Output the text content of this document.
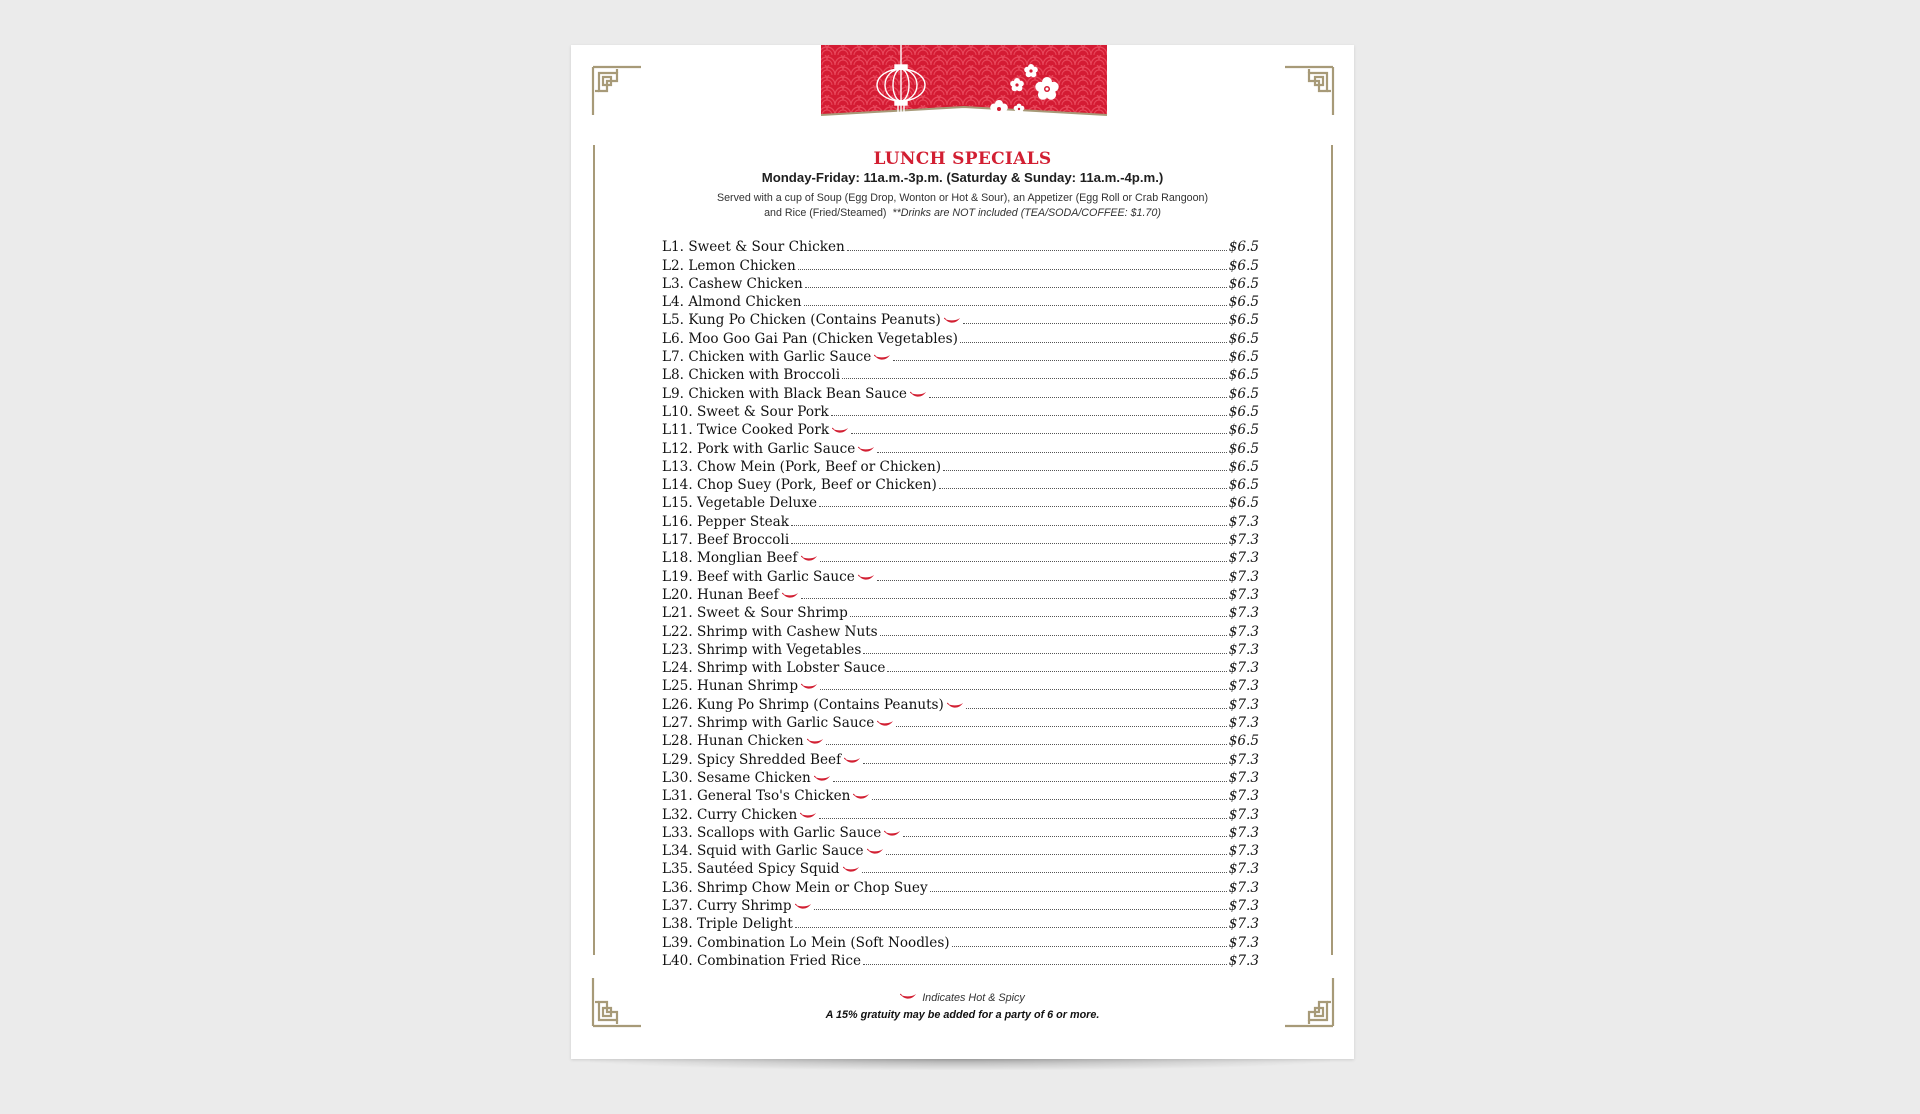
LUNCH SPECIALS
Monday-Friday: 11a.m.-3p.m. (Saturday & Sunday: 11a.m.-4p.m.)
Served with a cup of Soup (Egg Drop, Wonton or Hot & Sour), an Appetizer (Egg Roll or Crab Rangoon)
and Rice (Fried/Steamed) **Drinks are NOT included (TEA/SODA/COFFEE: $1.70)
L1. Sweet & Sour Chicken	$6.5
L2. Lemon Chicken	$6.5
L3. Cashew Chicken	$6.5
L4. Almond Chicken	$6.5
L5. Kung Po Chicken (Contains Peanuts)	$6.5
L6. Moo Goo Gai Pan (Chicken Vegetables)	$6.5
L7. Chicken with Garlic Sauce	$6.5
L8. Chicken with Broccoli	$6.5
L9. Chicken with Black Bean Sauce	$6.5
L10. Sweet & Sour Pork	$6.5
L11. Twice Cooked Pork	$6.5
L12. Pork with Garlic Sauce	$6.5
L13. Chow Mein (Pork, Beef or Chicken)	$6.5
L14. Chop Suey (Pork, Beef or Chicken)	$6.5
L15. Vegetable Deluxe	$6.5
L16. Pepper Steak	$7.3
L17. Beef Broccoli	$7.3
L18. Monglian Beef	$7.3
L19. Beef with Garlic Sauce	$7.3
L20. Hunan Beef	$7.3
L21. Sweet & Sour Shrimp	$7.3
L22. Shrimp with Cashew Nuts	$7.3
L23. Shrimp with Vegetables	$7.3
L24. Shrimp with Lobster Sauce	$7.3
L25. Hunan Shrimp	$7.3
L26. Kung Po Shrimp (Contains Peanuts)	$7.3
L27. Shrimp with Garlic Sauce	$7.3
L28. Hunan Chicken	$6.5
L29. Spicy Shredded Beef	$7.3
L30. Sesame Chicken	$7.3
L31. General Tso's Chicken	$7.3
L32. Curry Chicken	$7.3
L33. Scallops with Garlic Sauce	$7.3
L34. Squid with Garlic Sauce	$7.3
L35. Sautéed Spicy Squid	$7.3
L36. Shrimp Chow Mein or Chop Suey	$7.3
L37. Curry Shrimp	$7.3
L38. Triple Delight	$7.3
L39. Combination Lo Mein (Soft Noodles)	$7.3
L40. Combination Fried Rice	$7.3
Indicates Hot & Spicy
A 15% gratuity may be added for a party of 6 or more.
